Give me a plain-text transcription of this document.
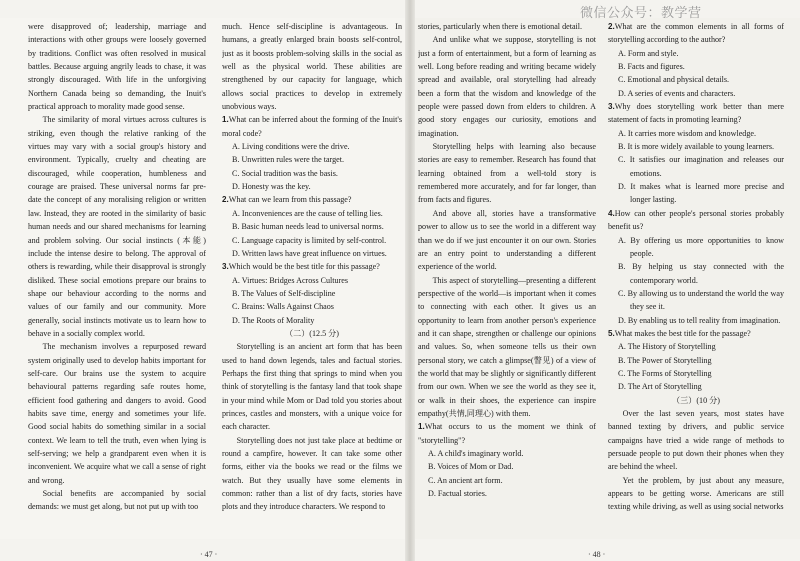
微信公众号：教学营

were disapproved of; leadership, marriage and interactions with other groups were loosely governed by traditions. Conflict was often resolved in musical battles. Because arguing angrily leads to chase, it was strongly discouraged. With life in the unforgiving Northern Canada being so demanding, the Inuit's practical approach to morality made good sense.

The similarity of moral virtues across cultures is striking, even though the relative ranking of the virtues may vary with a social group's history and environment. Typically, cruelty and cheating are discouraged, while cooperation, humbleness and courage are praised. These universal norms far pre-date the concept of any moralising religion or written law. Instead, they are rooted in the similarity of basic human needs and our shared mechanisms for learning and problem solving. Our social instincts (本能) include the intense desire to belong. The approval of others is rewarding, while their disapproval is strongly disliked. These social emotions prepare our brains to shape our behaviour according to the norms and values of our family and our community. More generally, social instincts motivate us to learn how to behave in a socially complex world.

The mechanism involves a repurposed reward system originally used to develop habits important for self-care. Our brains use the system to acquire behavioural patterns regarding safe routes home, efficient food gathering and dangers to avoid. Good habits save time, energy and sometimes your life. Good social habits do something similar in a social context. We learn to tell the truth, even when lying is self-serving; we help a grandparent even when it is inconvenient. We acquire what we call a sense of right and wrong.

Social benefits are accompanied by social demands: we must get along, but not put up with too

much. Hence self-discipline is advantageous. In humans, a greatly enlarged brain boosts self-control, just as it boosts problem-solving skills in the social as well as the physical world. These abilities are strengthened by our capacity for language, which allows social practices to develop in extremely unobvious ways.

1.What can be inferred about the forming of the Inuit's moral code?
A. Living conditions were the drive.
B. Unwritten rules were the target.
C. Social tradition was the basis.
D. Honesty was the key.
2.What can we learn from this passage?
A. Inconveniences are the cause of telling lies.
B. Basic human needs lead to universal norms.
C. Language capacity is limited by self-control.
D. Written laws have great influence on virtues.
3.Which would be the best title for this passage?
A. Virtues: Bridges Across Cultures
B. The Values of Self-discipline
C. Brains: Walls Against Chaos
D. The Roots of Morality
（二）(12.5 分)

Storytelling is an ancient art form that has been used to hand down legends, tales and factual stories. Perhaps the first thing that springs to mind when you think of storytelling is the fantasy land that took shape in your mind while Mom or Dad told you stories about princes, castles and monsters, with a unique voice for each character.

Storytelling does not just take place at bedtime or round a campfire, however. It can take some other forms, either via the books we read or the films we watch. But they usually have some elements in common: rather than a list of dry facts, stories have plots and they introduce characters. We respond to

stories, particularly when there is emotional detail.

And unlike what we suppose, storytelling is not just a form of entertainment, but a form of learning as well. Long before reading and writing became widely spread and available, oral storytelling had already been a form that the wisdom and knowledge of the people were passed down from elders to children. A good story engages our curiosity, emotions and imagination.

Storytelling helps with learning also because stories are easy to remember. Research has found that learning obtained from a well-told story is remembered more accurately, and for far longer, than from facts and figures.

And above all, stories have a transformative power to allow us to see the world in a different way than we do if we just encounter it on our own. Stories are an entry point to understanding a different experience of the world.

This aspect of storytelling—presenting a different perspective of the world—is important when it comes to connecting with each other. It gives us an opportunity to learn from another person's experience and it can shape, strengthen or challenge our opinions and values. So, when someone tells us their own personal story, we catch a glimpse(瞥见) of a view of the world that may be slightly or significantly different from our own. When we see the world as they see it, or walk in their shoes, the experience can inspire empathy(共情,同理心) with them.

1.What occurs to us the moment we think of "storytelling"?
A. A child's imaginary world.
B. Voices of Mom or Dad.
C. An ancient art form.
D. Factual stories.
2.What are the common elements in all forms of storytelling according to the author?
A. Form and style.
B. Facts and figures.
C. Emotional and physical details.
D. A series of events and characters.
3.Why does storytelling work better than mere statement of facts in promoting learning?
A. It carries more wisdom and knowledge.
B. It is more widely available to young learners.
C. It satisfies our imagination and releases our emotions.
D. It makes what is learned more precise and longer lasting.
4.How can other people's personal stories probably benefit us?
A. By offering us more opportunities to know people.
B. By helping us stay connected with the contemporary world.
C. By allowing us to understand the world the way they see it.
D. By enabling us to tell reality from imagination.
5.What makes the best title for the passage?
A. The History of Storytelling
B. The Power of Storytelling
C. The Forms of Storytelling
D. The Art of Storytelling
（三）(10 分)

Over the last seven years, most states have banned texting by drivers, and public service campaigns have tried a wide range of methods to persuade people to put down their phones when they are behind the wheel.

Yet the problem, by just about any measure, appears to be getting worse. Americans are still texting while driving, as well as using social networks

· 47 ·	· 48 ·
